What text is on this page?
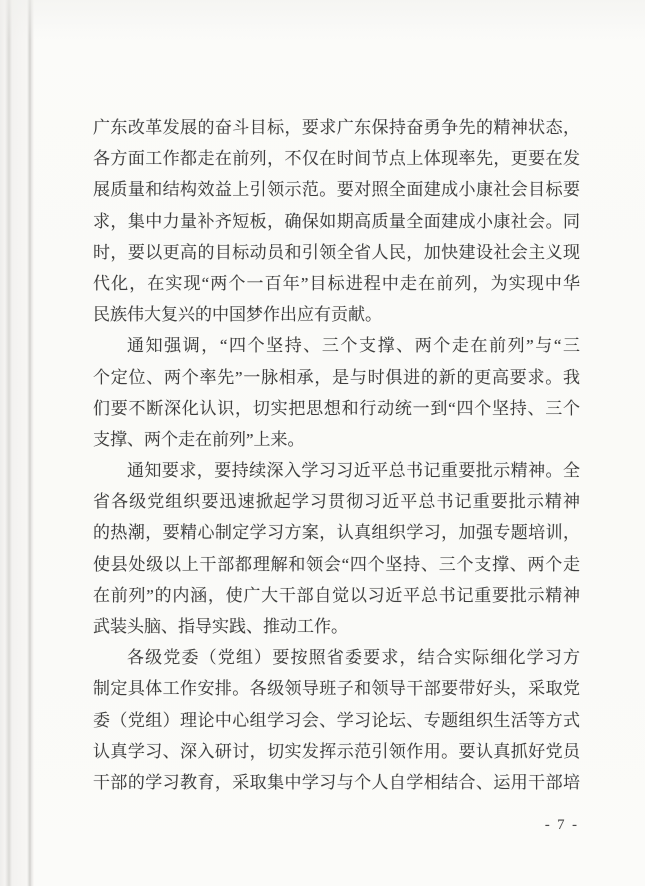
广东改革发展的奋斗目标，要求广东保持奋勇争先的精神状态，
各方面工作都走在前列，不仅在时间节点上体现率先，更要在发
展质量和结构效益上引领示范。要对照全面建成小康社会目标要
求，集中力量补齐短板，确保如期高质量全面建成小康社会。同
时，要以更高的目标动员和引领全省人民，加快建设社会主义现
代化，在实现“两个一百年”目标进程中走在前列，为实现中华
民族伟大复兴的中国梦作出应有贡献。
通知强调，“四个坚持、三个支撑、两个走在前列”与“三
个定位、两个率先”一脉相承，是与时俱进的新的更高要求。我
们要不断深化认识，切实把思想和行动统一到“四个坚持、三个
支撑、两个走在前列”上来。
通知要求，要持续深入学习习近平总书记重要批示精神。全
省各级党组织要迅速掀起学习贯彻习近平总书记重要批示精神
的热潮，要精心制定学习方案，认真组织学习，加强专题培训，
使县处级以上干部都理解和领会“四个坚持、三个支撑、两个走
在前列”的内涵，使广大干部自觉以习近平总书记重要批示精神
武装头脑、指导实践、推动工作。
各级党委（党组）要按照省委要求，结合实际细化学习方
制定具体工作安排。各级领导班子和领导干部要带好头，采取党
委（党组）理论中心组学习会、学习论坛、专题组织生活等方式
认真学习、深入研讨，切实发挥示范引领作用。要认真抓好党员
干部的学习教育，采取集中学习与个人自学相结合、运用干部培
- 7 -
